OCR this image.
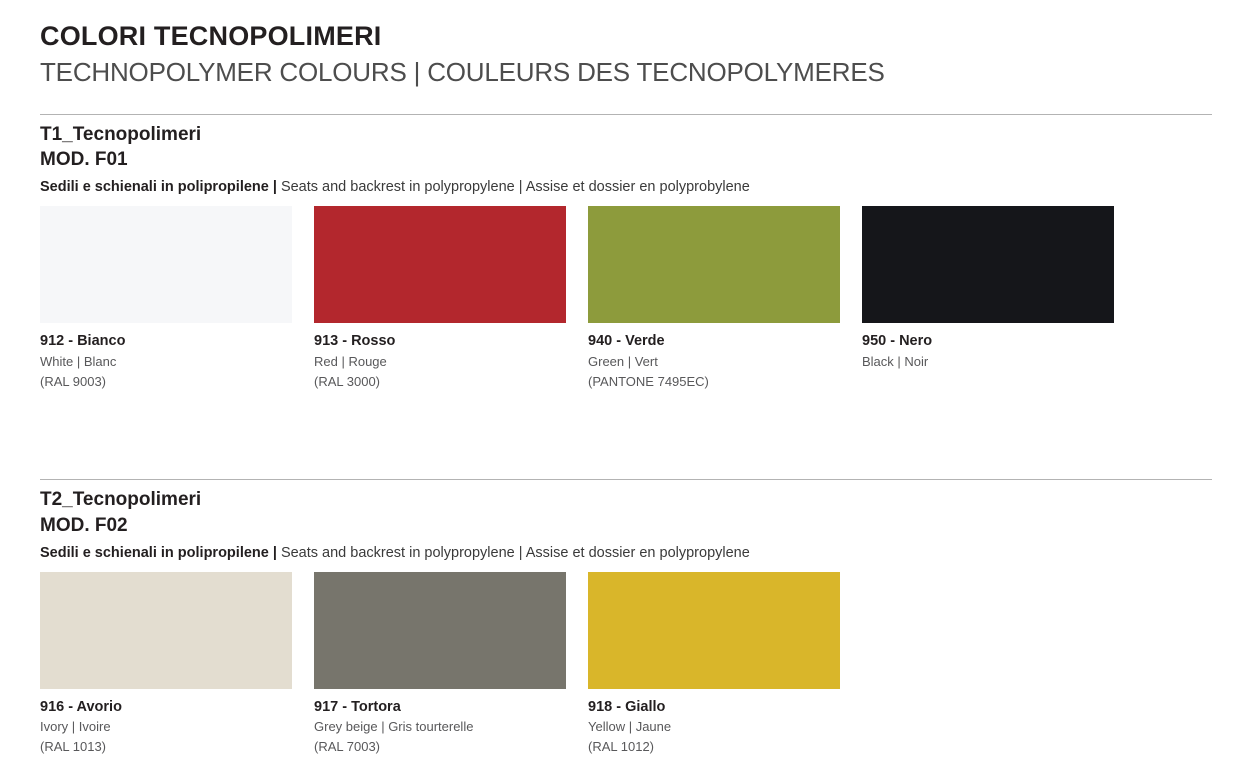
COLORI TECNOPOLIMERI
TECHNOPOLYMER COLOURS | COULEURS DES TECNOPOLYMERES
T1_Tecnopolimeri
MOD. F01
Sedili e schienali in polipropilene | Seats and backrest in polypropylene | Assise et dossier en polyprobylene
912 - Bianco
White | Blanc
(RAL 9003)
913 - Rosso
Red | Rouge
(RAL 3000)
940 - Verde
Green | Vert
(PANTONE 7495EC)
950 - Nero
Black | Noir
T2_Tecnopolimeri
MOD. F02
Sedili e schienali in polipropilene | Seats and backrest in polypropylene | Assise et dossier en polypropylene
916 - Avorio
Ivory | Ivoire
(RAL 1013)
917 - Tortora
Grey beige | Gris tourterelle
(RAL 7003)
918 - Giallo
Yellow | Jaune
(RAL 1012)
